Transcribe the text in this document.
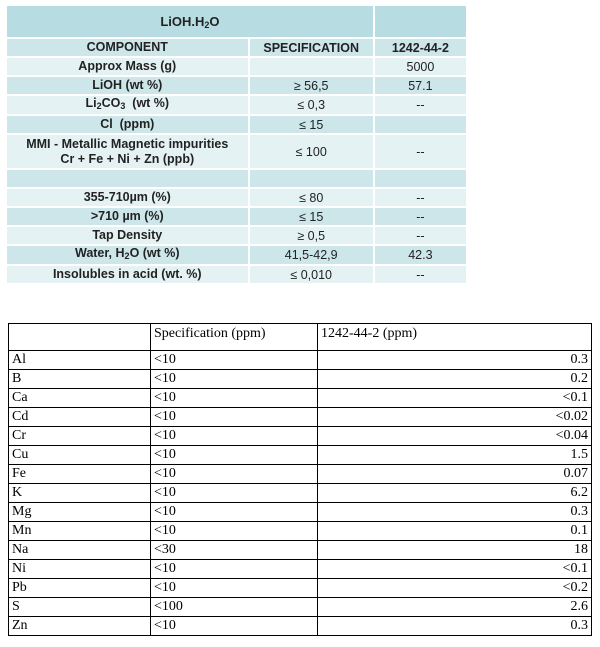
$LiOH.H_2O$		
COMPONENT	SPECIFICATION	1242-44-2
Approx Mass (g)		5000
LiOH (wt %)	≥ 56,5	57.1
$Li_2CO_3$  (wt %)	≤ 0,3	--
Cl  (ppm)	≤ 15	

MMI - Metallic Magnetic impurities
Cr + Fe + Ni + Zn (ppb)	≤ 100	--

355-710µm (%)	≤ 80	--
>710 µm (%)	≤ 15	--
Tap Density	≥ 0,5	--
Water, $H_2O$ (wt %)	41,5-42,9	42.3
Insolubles in acid (wt. %)	≤ 0,010	--
	Specification (ppm)	1242-44-2 (ppm)
Al	<10	0.3
B	<10	0.2
Ca	<10	<0.1
Cd	<10	<0.02
Cr	<10	<0.04
Cu	<10	1.5
Fe	<10	0.07
K	<10	6.2
Mg	<10	0.3
Mn	<10	0.1
Na	<30	18
Ni	<10	<0.1
Pb	<10	<0.2
S	<100	2.6
Zn	<10	0.3
